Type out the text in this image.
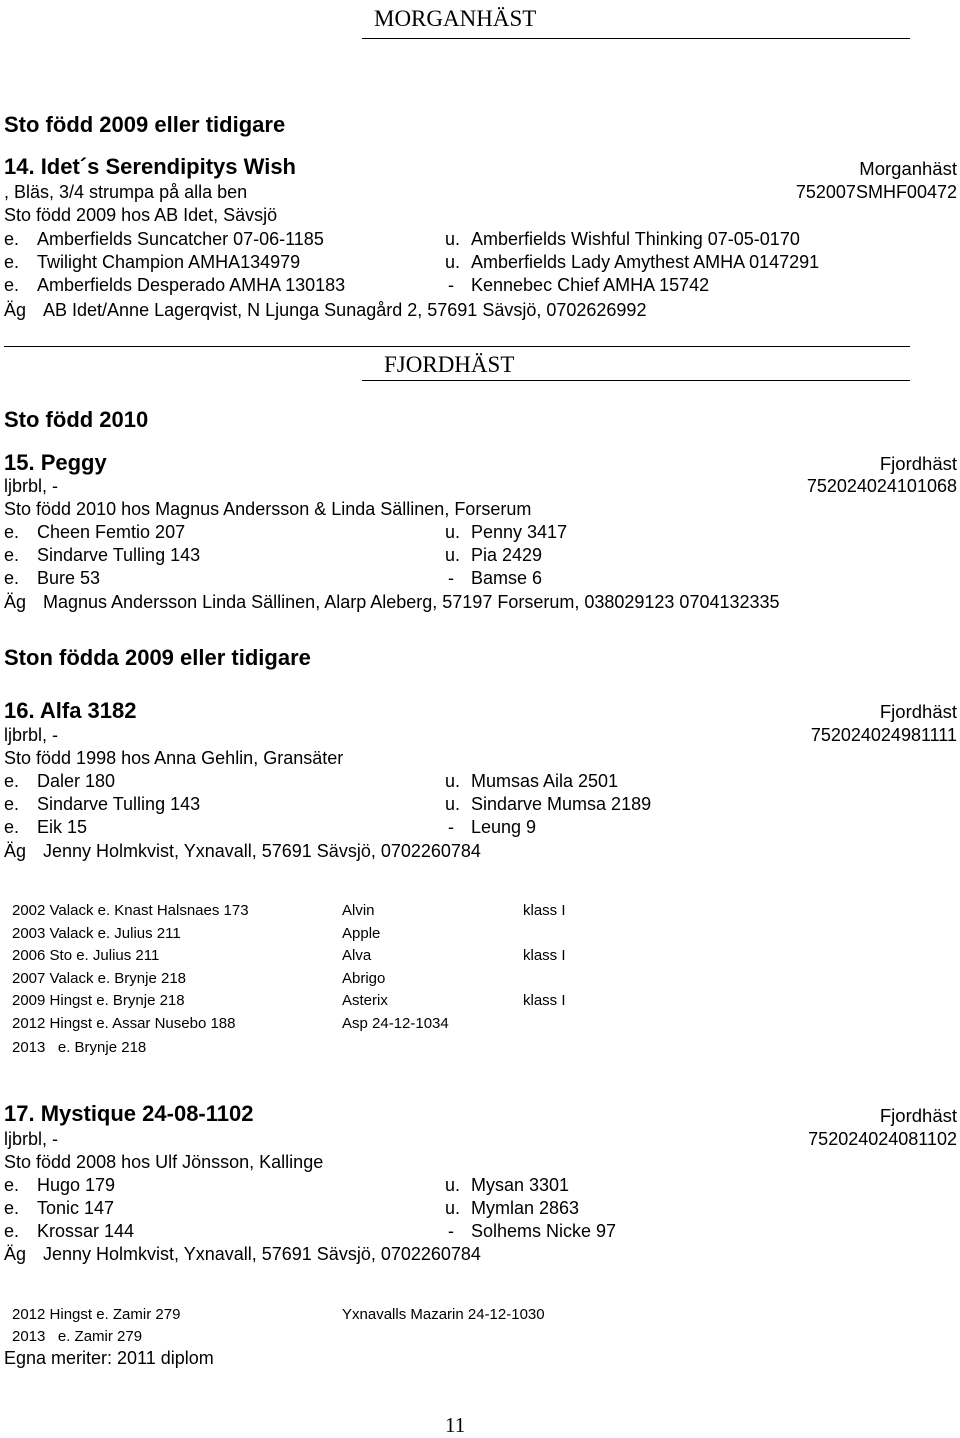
MORGANHÄST
Sto född 2009 eller tidigare
14. Idet´s Serendipitys Wish	Morganhäst
, Bläs, 3/4 strumpa på alla ben	752007SMHF00472
Sto född 2009 hos AB Idet, Sävsjö
e. Amberfields Suncatcher 07-06-1185	u. Amberfields Wishful Thinking 07-05-0170
e. Twilight Champion AMHA134979	u. Amberfields Lady Amythest AMHA 0147291
e. Amberfields Desperado AMHA 130183	- Kennebec Chief AMHA 15742
Äg AB Idet/Anne Lagerqvist, N Ljunga Sunagård 2, 57691 Sävsjö, 0702626992
FJORDHÄST
Sto född 2010
15. Peggy	Fjordhäst
ljbrbl, -	752024024101068
Sto född 2010 hos Magnus Andersson & Linda Sällinen, Forserum
e. Cheen Femtio 207	u. Penny 3417
e. Sindarve Tulling 143	u. Pia 2429
e. Bure 53	- Bamse 6
Äg Magnus Andersson Linda Sällinen, Alarp Aleberg, 57197 Forserum, 038029123 0704132335
Ston födda 2009 eller tidigare
16. Alfa 3182	Fjordhäst
ljbrbl, -	752024024981111
Sto född 1998 hos Anna Gehlin, Gransäter
e. Daler 180	u. Mumsas Aila 2501
e. Sindarve Tulling 143	u. Sindarve Mumsa 2189
e. Eik 15	- Leung 9
Äg Jenny Holmkvist, Yxnavall, 57691 Sävsjö, 0702260784
2002 Valack e. Knast Halsnaes 173	Alvin	klass I
2003 Valack e. Julius 211	Apple
2006 Sto e. Julius 211	Alva	klass I
2007 Valack e. Brynje 218	Abrigo
2009 Hingst e. Brynje 218	Asterix	klass I
2012 Hingst e. Assar Nusebo 188	Asp 24-12-1034
2013   e. Brynje 218
17. Mystique 24-08-1102	Fjordhäst
ljbrbl, -	752024024081102
Sto född 2008 hos Ulf Jönsson, Kallinge
e. Hugo 179	u. Mysan 3301
e. Tonic 147	u. Mymlan 2863
e. Krossar 144	- Solhems Nicke 97
Äg Jenny Holmkvist, Yxnavall, 57691 Sävsjö, 0702260784
2012 Hingst e. Zamir 279	Yxnavalls Mazarin 24-12-1030
2013   e. Zamir 279
Egna meriter: 2011 diplom
11
